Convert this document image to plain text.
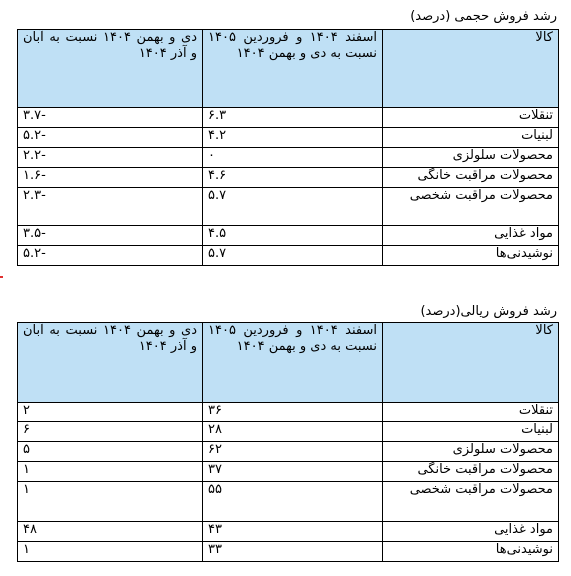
رشد فروش حجمی (درصد)
کالا	اسفند ۱۴۰۴ و فروردین ۱۴۰۵ نسبت به دی و بهمن ۱۴۰۴	دی و بهمن ۱۴۰۴ نسبت به آبان و آذر ۱۴۰۴
تنقلات	۶.۳	-۳.۷
لبنیات	۴.۲	-۵.۲
محصولات سلولزی	۰	-۲.۲
محصولات مراقبت خانگی	۴.۶	-۱.۶
محصولات مراقبت شخصی	۵.۷	-۲.۳
مواد غذایی	۴.۵	-۳.۵
نوشیدنی‌ها	۵.۷	-۵.۲
رشد فروش ریالی(درصد)
کالا	اسفند ۱۴۰۴ و فروردین ۱۴۰۵ نسبت به دی و بهمن ۱۴۰۴	دی و بهمن ۱۴۰۴ نسبت به آبان و آذر ۱۴۰۴
تنقلات	۳۶	۲
لبنیات	۲۸	۶
محصولات سلولزی	۶۲	۵
محصولات مراقبت خانگی	۳۷	۱
محصولات مراقبت شخصی	۵۵	۱
مواد غذایی	۴۳	۴۸
نوشیدنی‌ها	۳۳	۱
